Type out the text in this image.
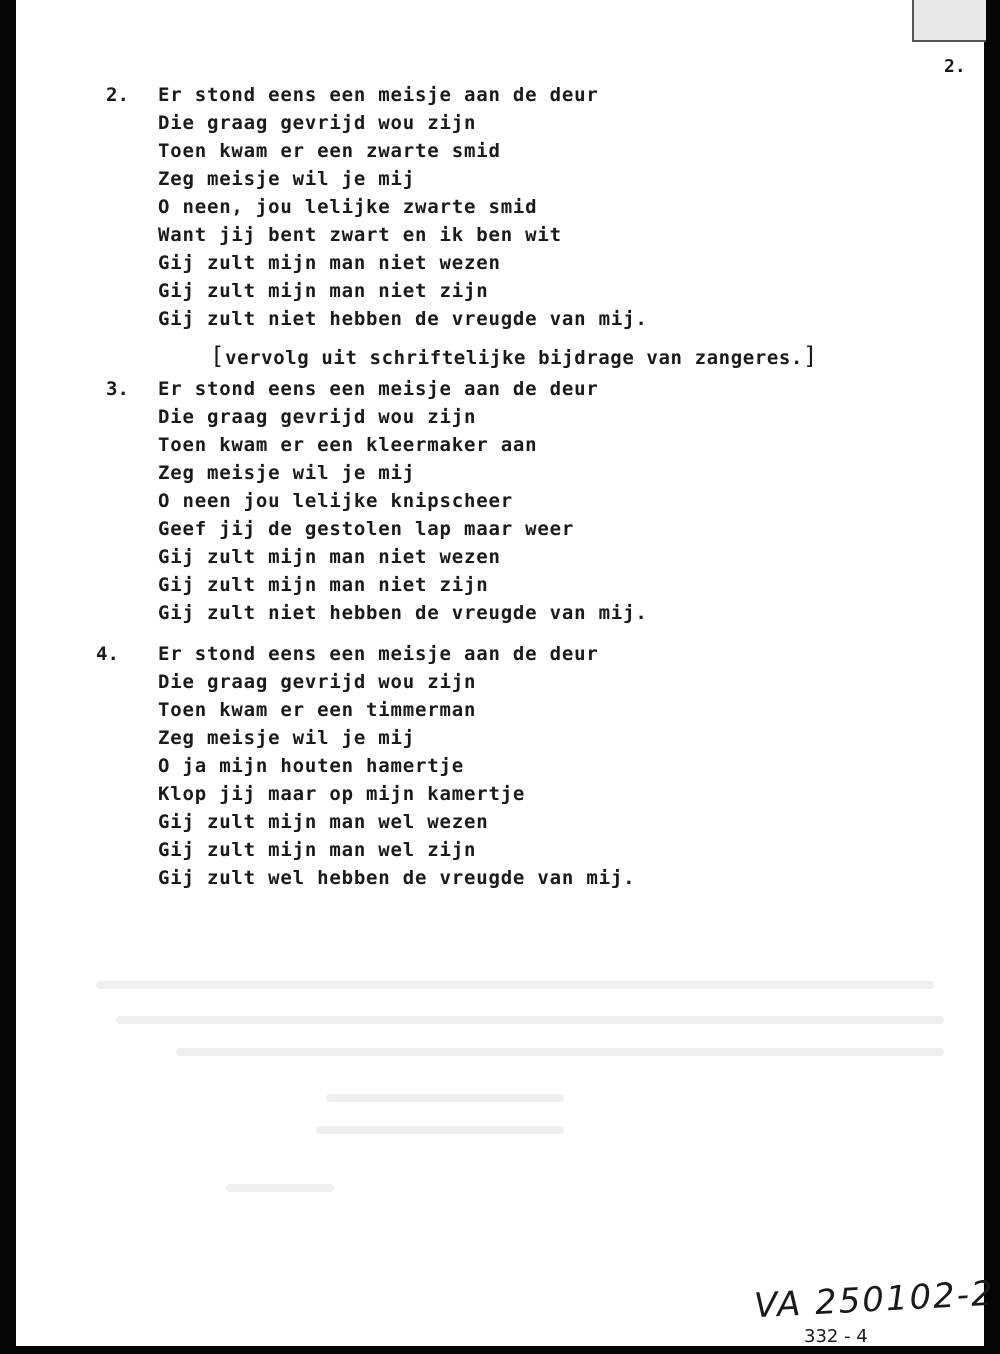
2.
2. Er stond eens een meisje aan de deur
Die graag gevrijd wou zijn
Toen kwam er een zwarte smid
Zeg meisje wil je mij
O neen, jou lelijke zwarte smid
Want jij bent zwart en ik ben wit
Gij zult mijn man niet wezen
Gij zult mijn man niet zijn
Gij zult niet hebben de vreugde van mij.
[vervolg uit schriftelijke bijdrage van zangeres.]
3. Er stond eens een meisje aan de deur
Die graag gevrijd wou zijn
Toen kwam er een kleermaker aan
Zeg meisje wil je mij
O neen jou lelijke knipscheer
Geef jij de gestolen lap maar weer
Gij zult mijn man niet wezen
Gij zult mijn man niet zijn
Gij zult niet hebben de vreugde van mij.
4. Er stond eens een meisje aan de deur
Die graag gevrijd wou zijn
Toen kwam er een timmerman
Zeg meisje wil je mij
O ja mijn houten hamertje
Klop jij maar op mijn kamertje
Gij zult mijn man wel wezen
Gij zult mijn man wel zijn
Gij zult wel hebben de vreugde van mij.
VA 250102-2
332 - 4
